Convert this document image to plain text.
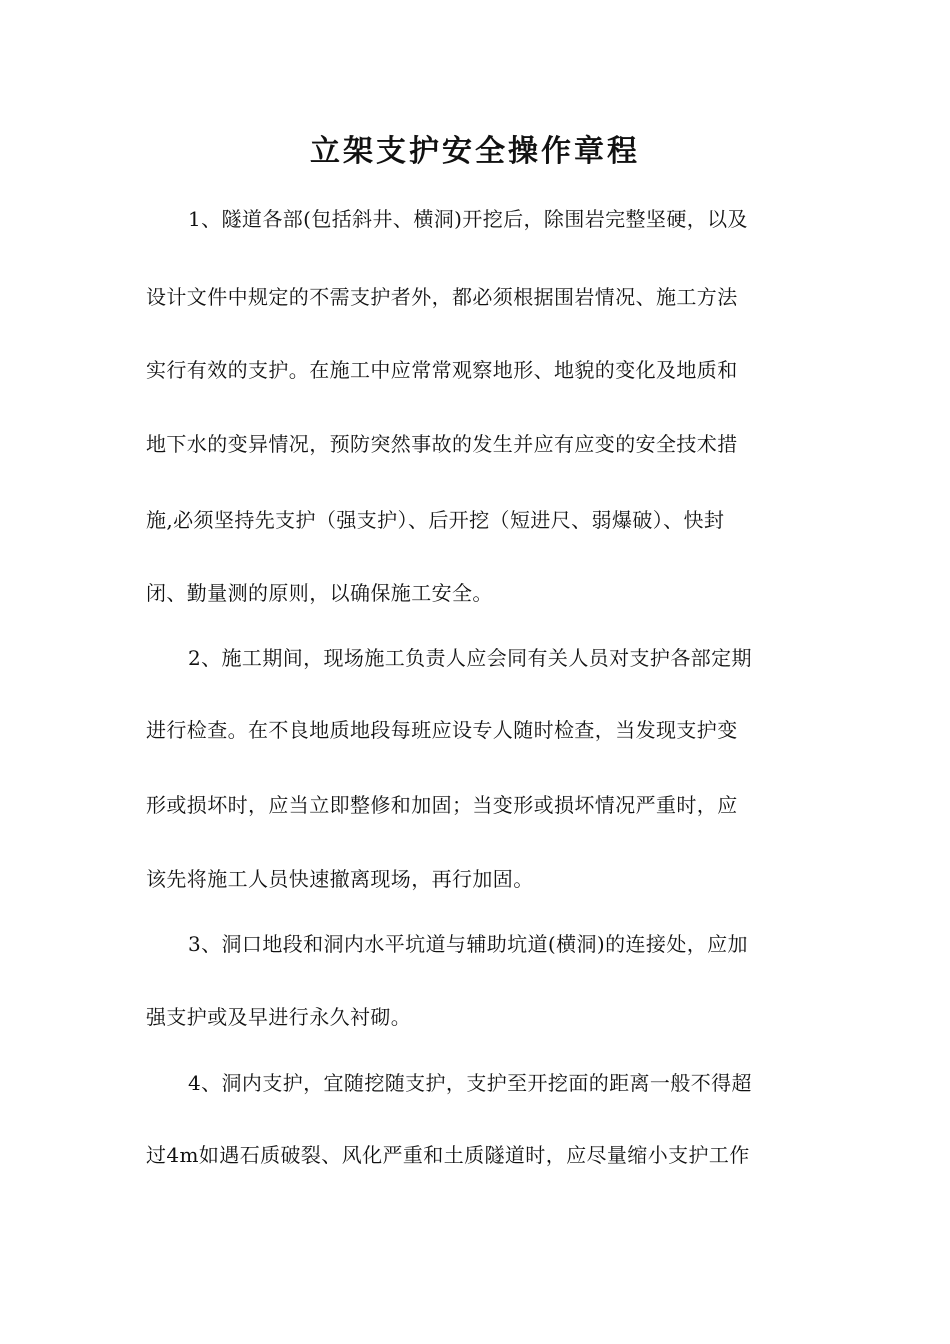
立架支护安全操作章程
1、隧道各部(包括斜井、横洞)开挖后，除围岩完整坚硬，以及
设计文件中规定的不需支护者外，都必须根据围岩情况、施工方法
实行有效的支护。在施工中应常常观察地形、地貌的变化及地质和
地下水的变异情况，预防突然事故的发生并应有应变的安全技术措
施,必须坚持先支护（强支护）、后开挖（短进尺、弱爆破）、快封
闭、勤量测的原则，以确保施工安全。
2、施工期间，现场施工负责人应会同有关人员对支护各部定期
进行检查。在不良地质地段每班应设专人随时检查，当发现支护变
形或损坏时，应当立即整修和加固；当变形或损坏情况严重时，应
该先将施工人员快速撤离现场，再行加固。
3、洞口地段和洞内水平坑道与辅助坑道(横洞)的连接处，应加
强支护或及早进行永久衬砌。
4、洞内支护，宜随挖随支护，支护至开挖面的距离一般不得超
过4m如遇石质破裂、风化严重和土质隧道时，应尽量缩小支护工作
